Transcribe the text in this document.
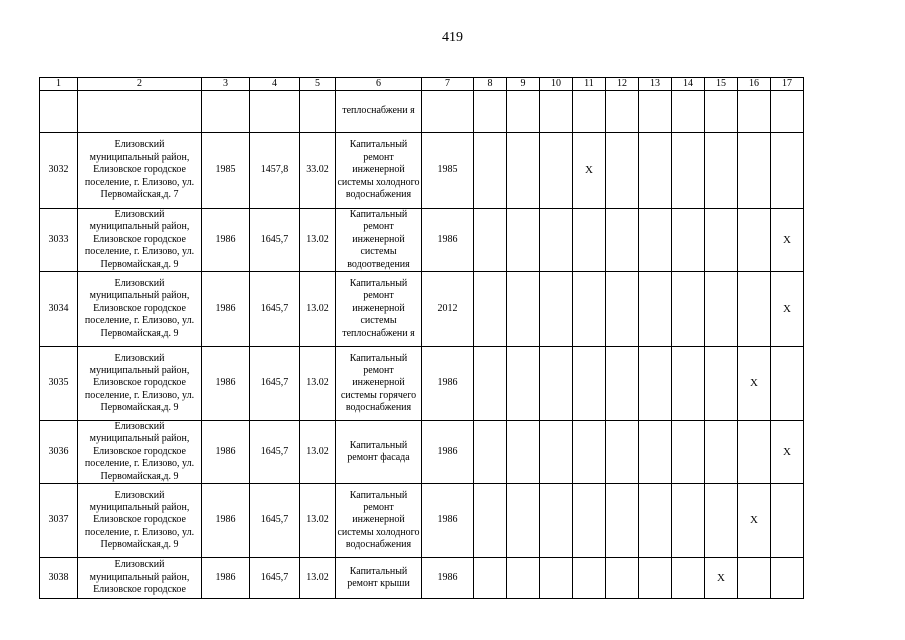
419
1	2	3	4	5	6	7	8	9	10	11	12	13	14	15	16	17
					теплоснабжени я											
3032	Елизовский муниципальный район, Елизовское городское поселение, г. Елизово, ул. Первомайская,д. 7	1985	1457,8	33.02	Капитальный ремонт инженерной системы холодного водоснабжения	1985				X						
3033	Елизовский муниципальный район, Елизовское городское поселение, г. Елизово, ул. Первомайская,д. 9	1986	1645,7	13.02	Капитальный ремонт инженерной системы водоотведения	1986										X
3034	Елизовский муниципальный район, Елизовское городское поселение, г. Елизово, ул. Первомайская,д. 9	1986	1645,7	13.02	Капитальный ремонт инженерной системы теплоснабжени я	2012										X
3035	Елизовский муниципальный район, Елизовское городское поселение, г. Елизово, ул. Первомайская,д. 9	1986	1645,7	13.02	Капитальный ремонт инженерной системы горячего водоснабжения	1986									X	
3036	Елизовский муниципальный район, Елизовское городское поселение, г. Елизово, ул. Первомайская,д. 9	1986	1645,7	13.02	Капитальный ремонт фасада	1986										X
3037	Елизовский муниципальный район, Елизовское городское поселение, г. Елизово, ул. Первомайская,д. 9	1986	1645,7	13.02	Капитальный ремонт инженерной системы холодного водоснабжения	1986									X	
3038	Елизовский муниципальный район, Елизовское городское	1986	1645,7	13.02	Капитальный ремонт крыши	1986								X		
